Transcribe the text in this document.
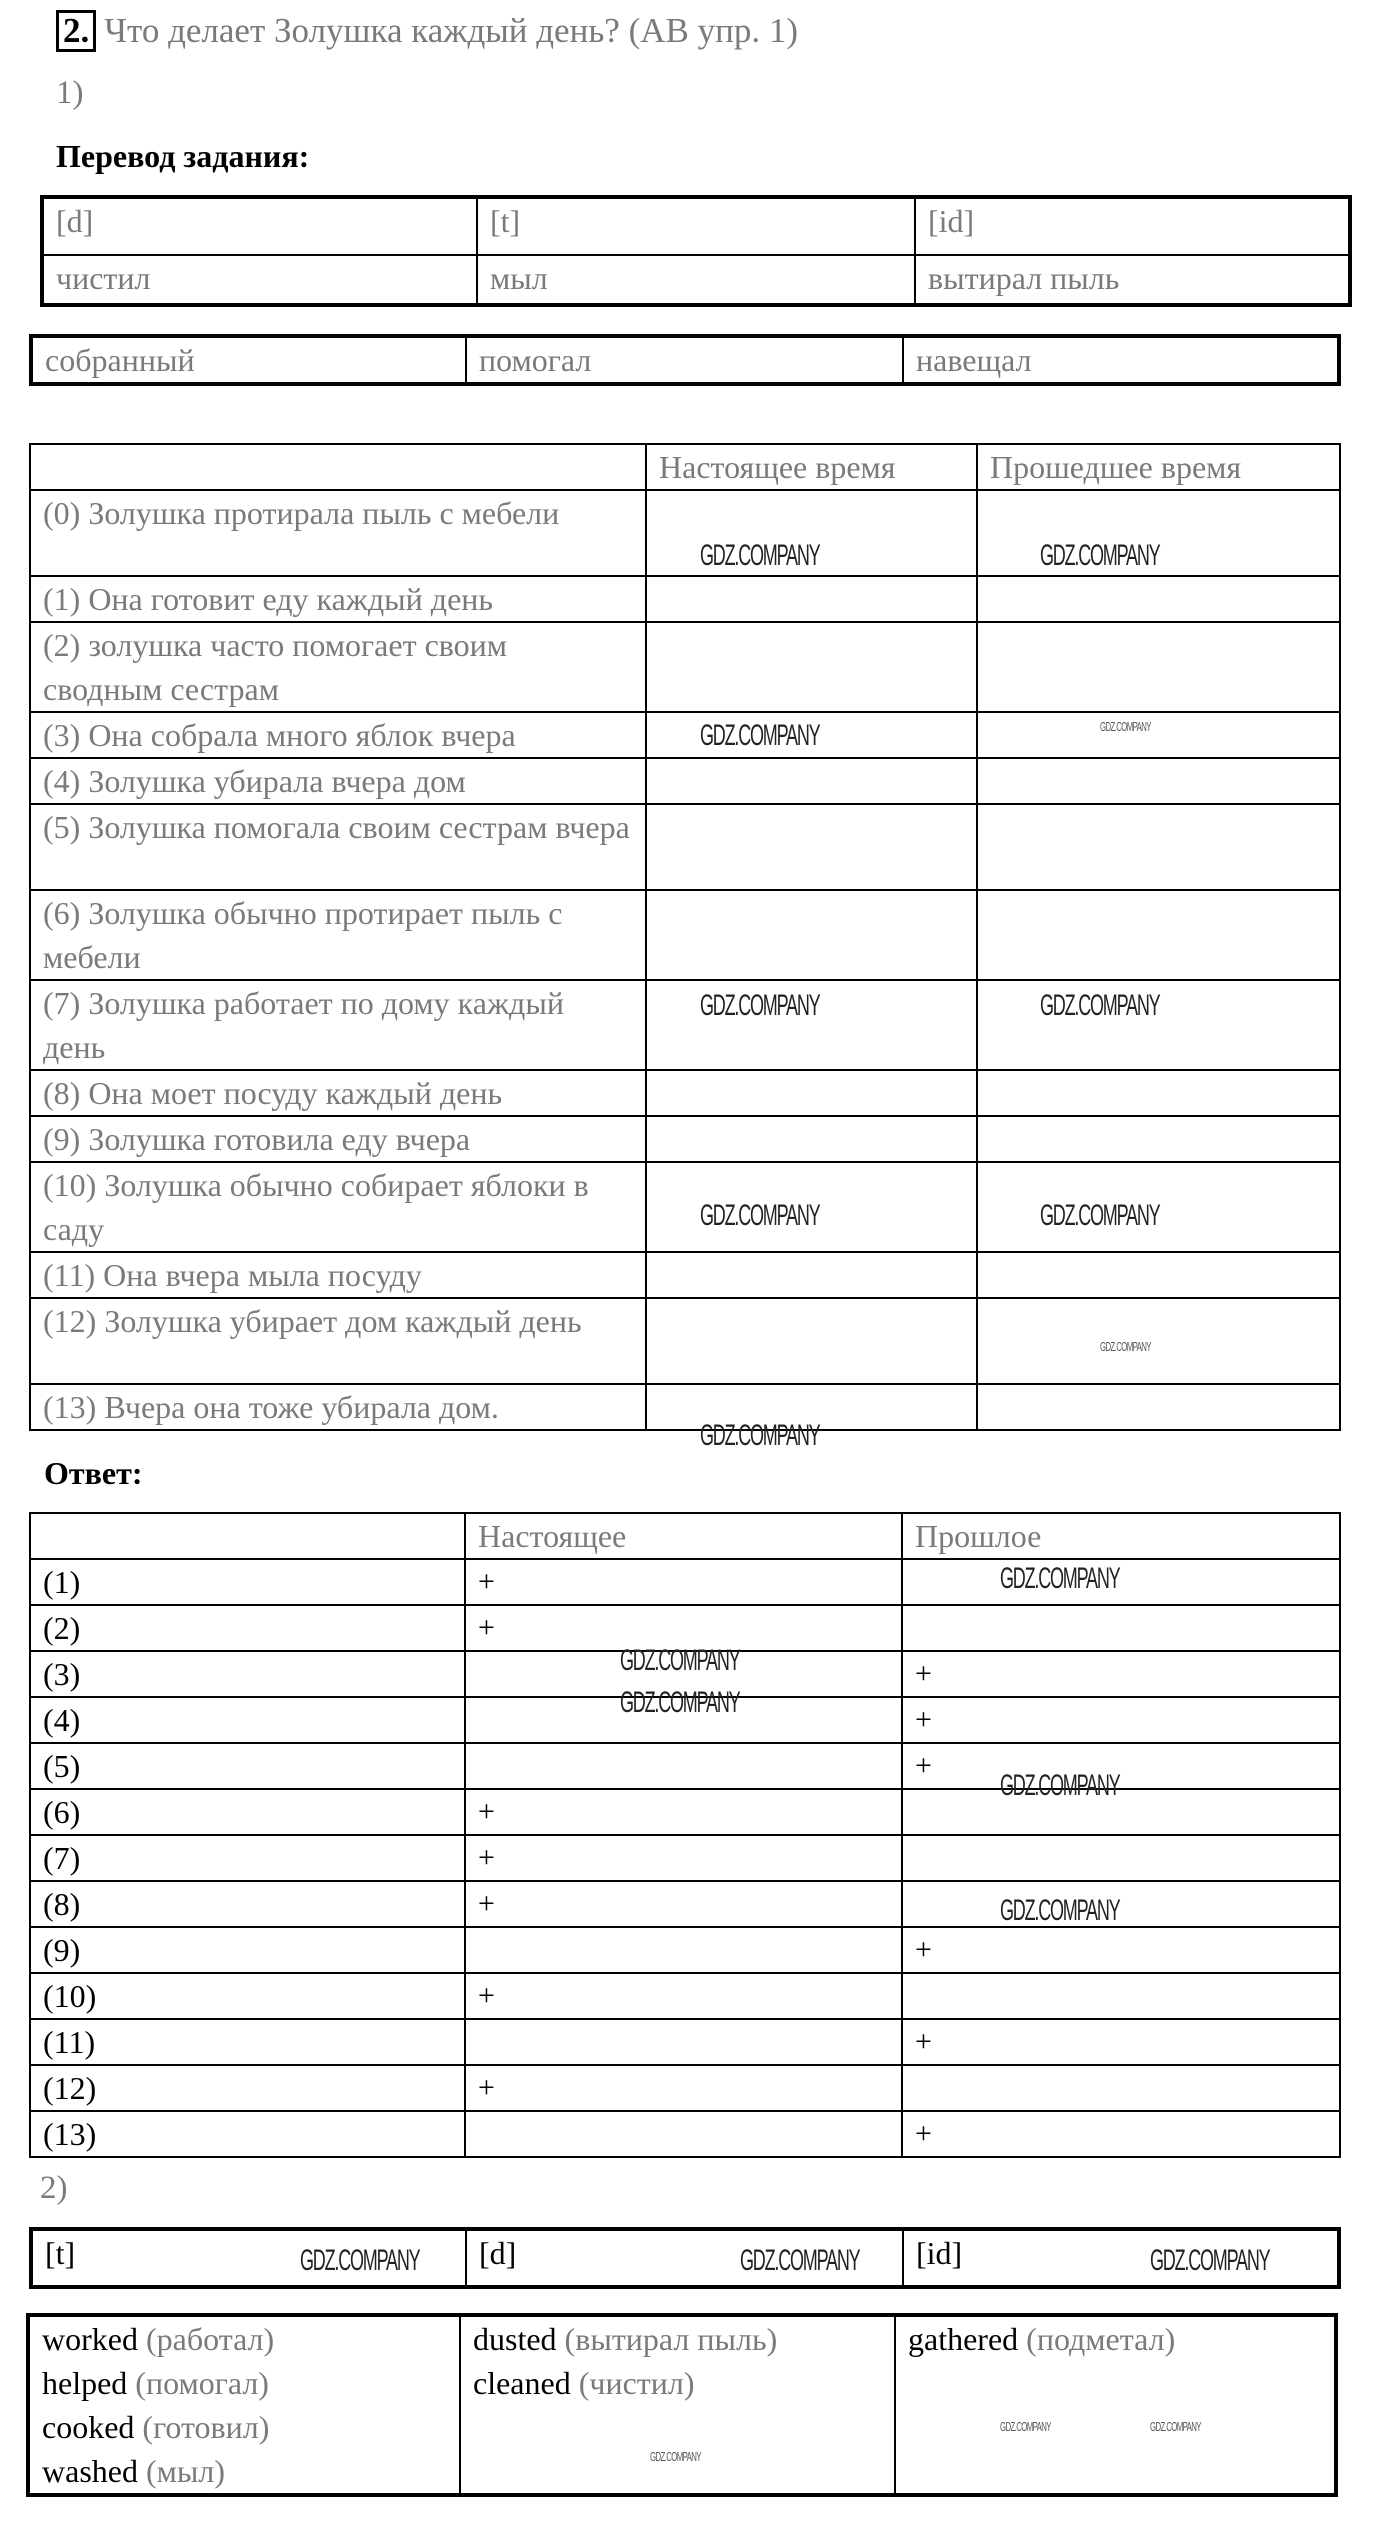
2. Что делает Золушка каждый день? (AB упр. 1)
1)
Перевод задания:
[d]	[t]	[id]
чистил	мыл	вытирал пыль
собранный	помогал	навещал
	Настоящее время	Прошедшее время
(0) Золушка протирала пыль с мебели		
(1) Она готовит еду каждый день		
(2) золушка часто помогает своим сводным сестрам		
(3) Она собрала много яблок вчера		
(4) Золушка убирала вчера дом		
(5) Золушка помогала своим сестрам вчера		
(6) Золушка обычно протирает пыль с мебели		
(7) Золушка работает по дому каждый день		
(8) Она моет посуду каждый день		
(9) Золушка готовила еду вчера		
(10) Золушка обычно собирает яблоки в саду		
(11) Она вчера мыла посуду		
(12) Золушка убирает дом каждый день		
(13) Вчера она тоже убирала дом.		
Ответ:
	Настоящее	Прошлое
(1)	+	
(2)	+	
(3)		+
(4)		+
(5)		+
(6)	+	
(7)	+	
(8)	+	
(9)		+
(10)	+	
(11)		+
(12)	+	
(13)		+
2)
[t]	[d]	[id]
worked (работал)
helped (помогал)
cooked (готовил)
washed (мыл)

dusted (вытирал пыль)
cleaned (чистил)

gathered (подметал)
GDZ.COMPANY	GDZ.COMPANY
GDZ.COMPANY	GDZ.COMPANY
GDZ.COMPANY	GDZ.COMPANY
GDZ.COMPANY	GDZ.COMPANY
GDZ.COMPANY
GDZ.COMPANY
GDZ.COMPANY
GDZ.COMPANY
GDZ.COMPANY
GDZ.COMPANY
GDZ.COMPANY
GDZ.COMPANY	GDZ.COMPANY	GDZ.COMPANY
GDZ.COMPANY	GDZ.COMPANY
GDZ.COMPANY
